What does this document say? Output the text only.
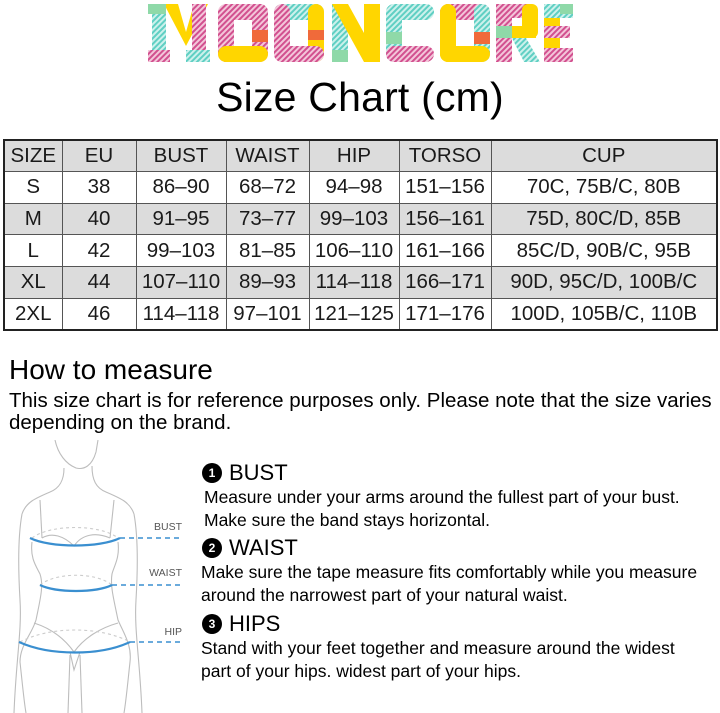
Size Chart (cm)
SIZE	EU	BUST	WAIST	HIP	TORSO	CUP
S	38	86–90	68–72	94–98	151–156	70C, 75B/C, 80B
M	40	91–95	73–77	99–103	156–161	75D, 80C/D, 85B
L	42	99–103	81–85	106–110	161–166	85C/D, 90B/C, 95B
XL	44	107–110	89–93	114–118	166–171	90D, 95C/D, 100B/C
2XL	46	114–118	97–101	121–125	171–176	100D, 105B/C, 110B
How to measure
This size chart is for reference purposes only. Please note that the size varies depending on the brand.
BUST
WAIST
HIP
1 BUST
Measure under your arms around the fullest part of your bust.
Make sure the band stays horizontal.
2 WAIST
Make sure the tape measure fits comfortably while you measure
around the narrowest part of your natural waist.
3 HIPS
Stand with your feet together and measure around the widest
part of your hips. widest part of your hips.
